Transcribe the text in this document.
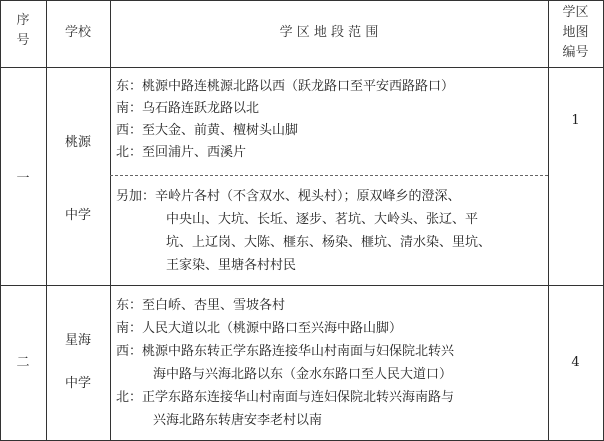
序
号
学校	学 区 地 段 范 围
学区
地图
编号
一
桃源
中学
东：桃源中路连桃源北路以西（跃龙路口至平安西路路口）
南：乌石路连跃龙路以北
西：至大金、前黄、檀树头山脚
北：至回浦片、西溪片
另加：辛岭片各村（不含双水、枧头村）；原双峰乡的澄深、
中央山、大坑、长坵、逐步、茗坑、大岭头、张辽、平
坑、上辽岗、大陈、榧东、杨染、榧坑、清水染、里坑、
王家染、里塘各村村民
1
二
星海
中学
东：至白峤、杏里、雪坡各村
南：人民大道以北（桃源中路口至兴海中路山脚）
西：桃源中路东转正学东路连接华山村南面与妇保院北转兴
海中路与兴海北路以东（金水东路口至人民大道口）
北：正学东路东连接华山村南面与连妇保院北转兴海南路与
兴海北路东转唐安李老村以南
4
